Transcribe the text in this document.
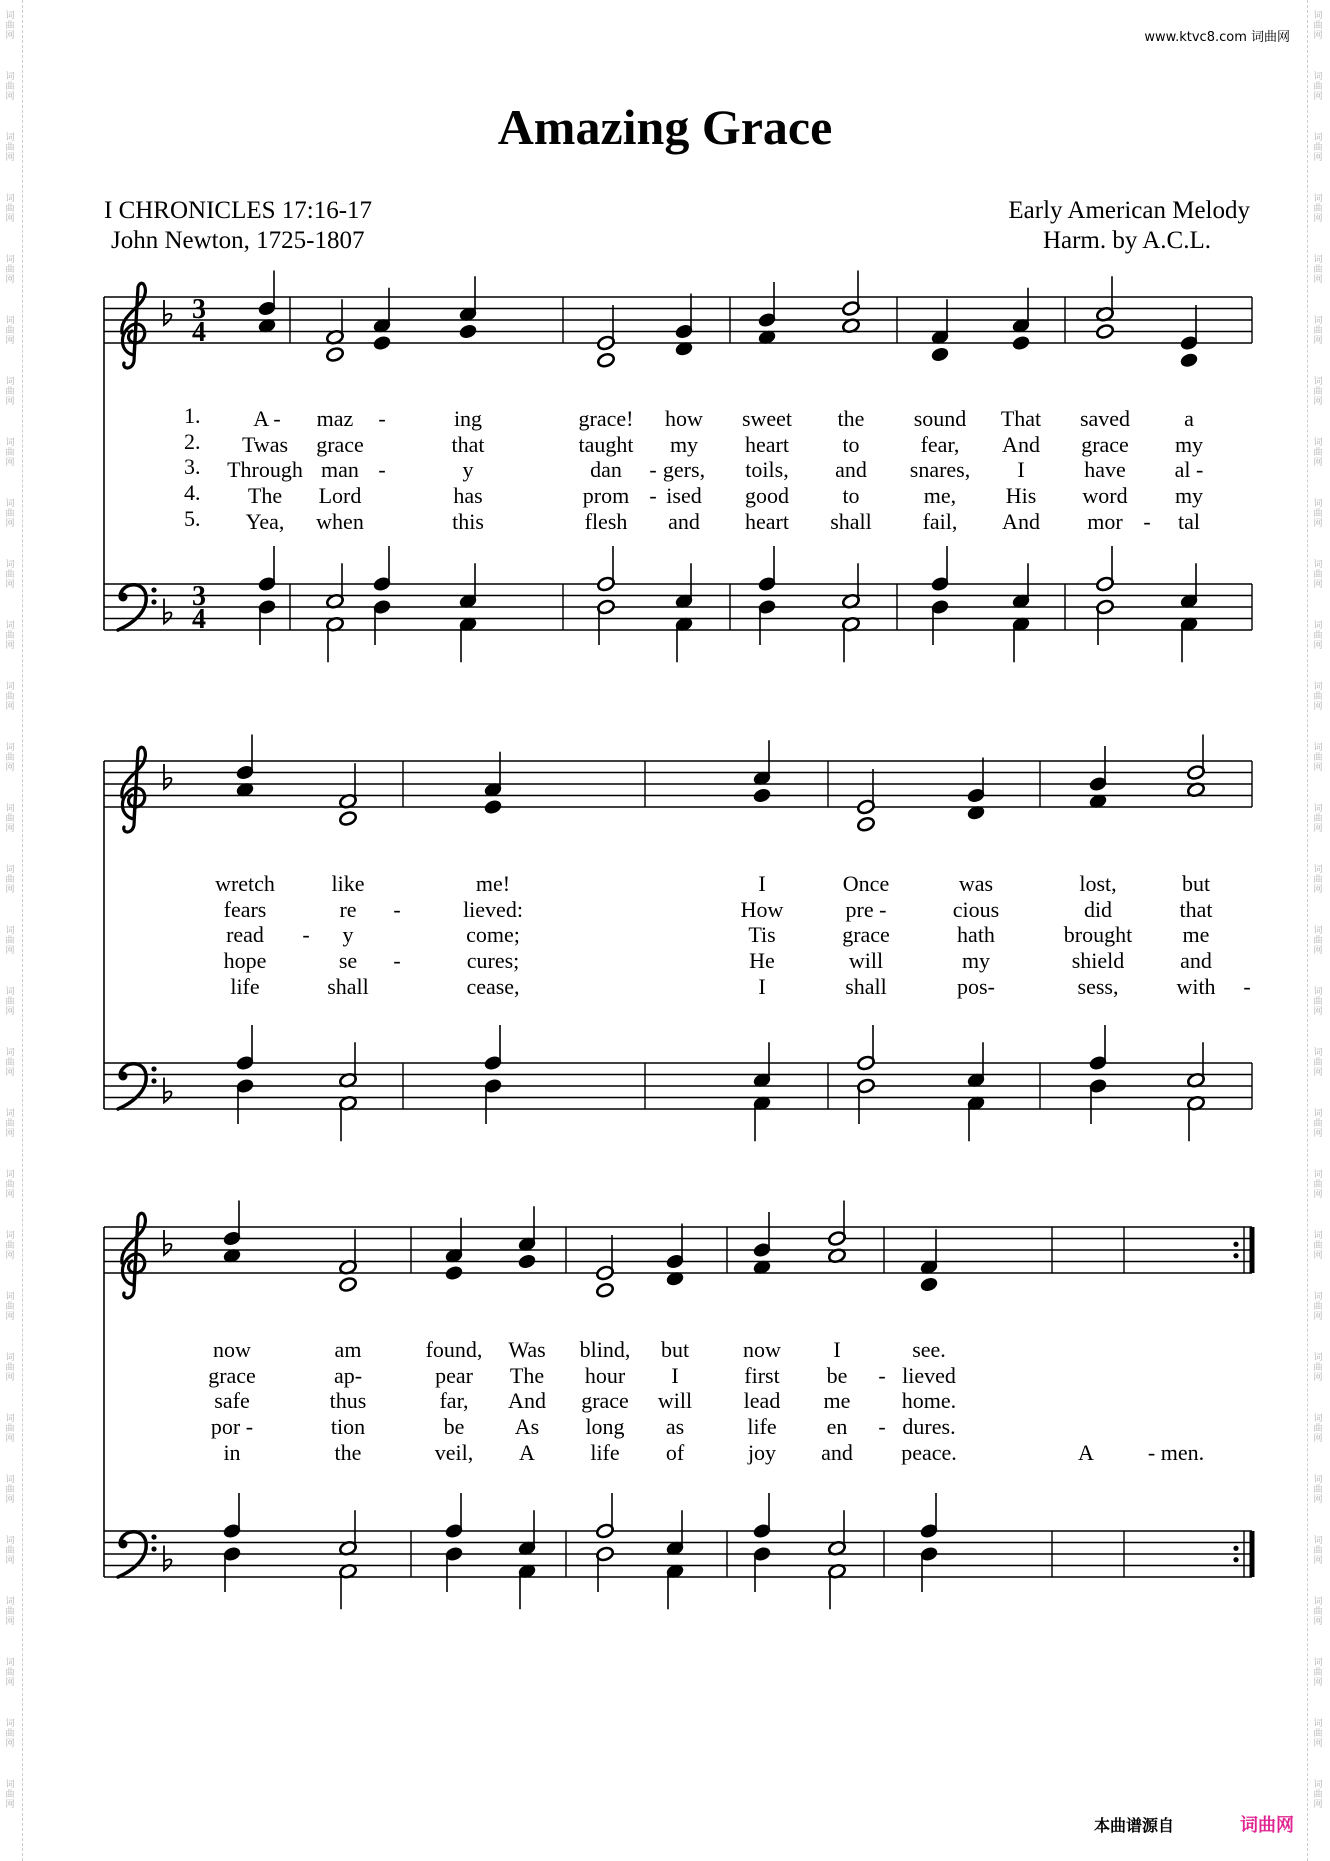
词曲网
词曲网
词曲网
词曲网
词曲网
词曲网
词曲网
词曲网
词曲网
词曲网
词曲网
词曲网
词曲网
词曲网
词曲网
词曲网
词曲网
词曲网
词曲网
词曲网
词曲网
词曲网
词曲网
词曲网
词曲网
词曲网
词曲网
词曲网
词曲网
词曲网
词曲网
词曲网
词曲网
词曲网
词曲网
词曲网
词曲网
词曲网
词曲网
词曲网
词曲网
词曲网
词曲网
词曲网
词曲网
词曲网
词曲网
词曲网
词曲网
词曲网
词曲网
词曲网
词曲网
词曲网
词曲网
词曲网
词曲网
词曲网
词曲网
词曲网
www.ktvc8.com 词曲网
Amazing Grace
I CHRONICLES 17:16-17
John Newton, 1725-1807
Early American Melody
Harm. by A.C.L.
3
4
3
4
1. A - maz -	ing	grace! how sweet the sound That saved a
2. Twas grace	that	taught my heart to	fear, And grace my
3. Through man -	y	dan - gers, toils, and snares, I	have al -
4. The Lord	has	prom - ised good to	me, His word my
5. Yea, when	this	flesh and heart shall fail, And mor - tal
wretch	like	me!	I	Once	was	lost,	but
fears	re -	lieved:	How	pre -	cious	did	that
read - y	come;	Tis	grace	hath	brought me
hope	se -	cures;	He	will	my	shield	and
life	shall	cease,	I	shall	pos-	sess,	with -
now	am	found, Was blind, but now I	see.
grace	ap-	pear The hour I	first be - lieved
safe	thus	far, And grace will lead me home.
por -	tion	be As long as	life en - dures.
in	the	veil, A	life of	joy and peace.	A - men.
本曲谱源自	词曲网
